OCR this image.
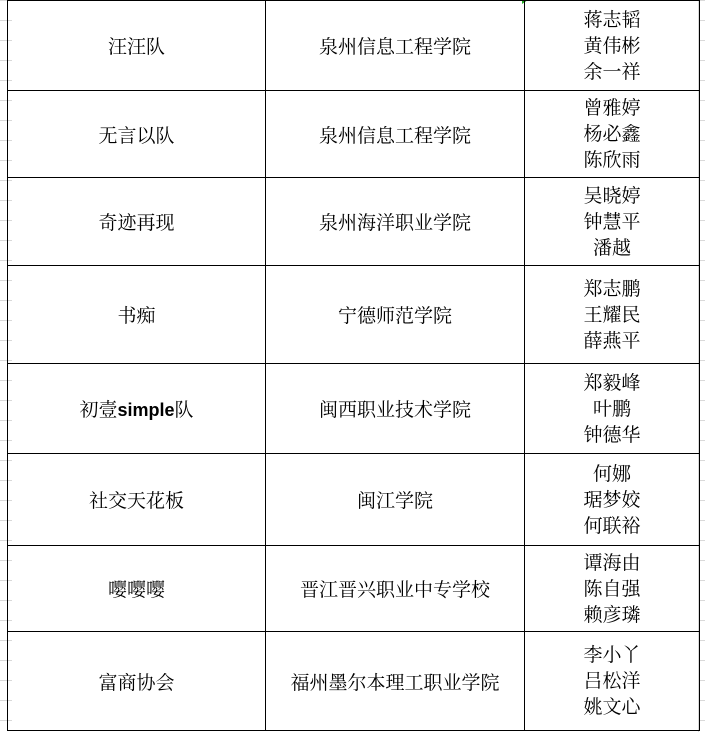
汪汪队	泉州信息工程学院	蒋志韬
黄伟彬
余一祥

无言以队	泉州信息工程学院	曾雅婷
杨必鑫
陈欣雨

奇迹再现	泉州海洋职业学院	吴晓婷
钟慧平
潘越

书痴	宁德师范学院	郑志鹏
王耀民
薛燕平

初壹simple队	闽西职业技术学院	郑毅峰
叶鹏
钟德华

社交天花板	闽江学院	何娜
琚梦姣
何联裕

嘤嘤嘤	晋江晋兴职业中专学校	谭海由
陈自强
赖彦璘

富商协会	福州墨尔本理工职业学院	李小丫
吕松洋
姚文心
